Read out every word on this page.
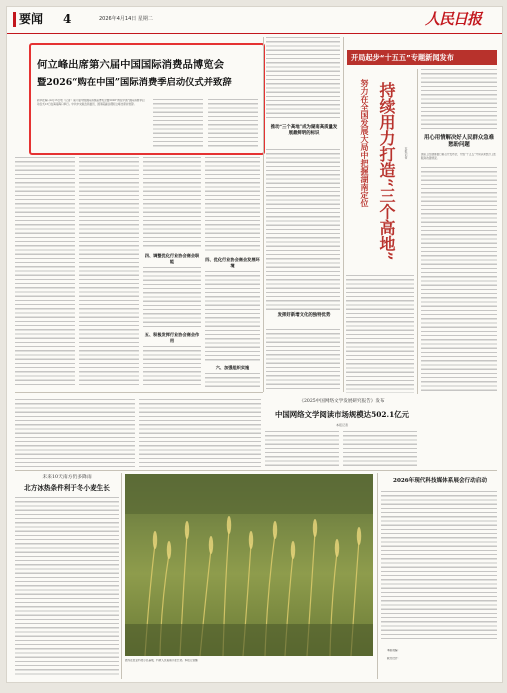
要闻 4	2026年4月14日 星期二	人民日报
何立峰出席第六届中国国际消费品博览会
暨2026“购在中国”国际消费季启动仪式并致辞
新华社海口4月13日电（记者）第六届中国国际消费品博览会暨2026“购在中国”国际消费季启动仪式13日在海南海口举行。中共中央政治局委员、国务院副总理何立峰出席并致辞。
四、调整优化行业协会商会职能
五、积极发挥行业协会商会作用
四、优化行业协会商会发展环境
六、加强组织实施
推动“三个高地”成为湖南高质量发展最鲜明的标识
发挥好新增文化的独特优势
开局起步“十五五”专题新闻发布
努力在全国发展大局中把握湖南定位 持续用力打造“三个高地”	本报记者
用心用情解决好人民群众急难愁盼问题
国家卫生健康委日前召开发布会，介绍“十五五”开局以来医疗卫生服务改善情况。
《2025中国网络文学发展研究报告》发布
中国网络文学阅读市场规模达502.1亿元
本报记者
未来10天南方仍多降雨
北方冰热条件利于冬小麦生长
图为在农业科技示范基地，科研人员查看小麦长势。本报记者摄
2026年现代科技媒体系展会行动启动
本版责编：
版式设计：
